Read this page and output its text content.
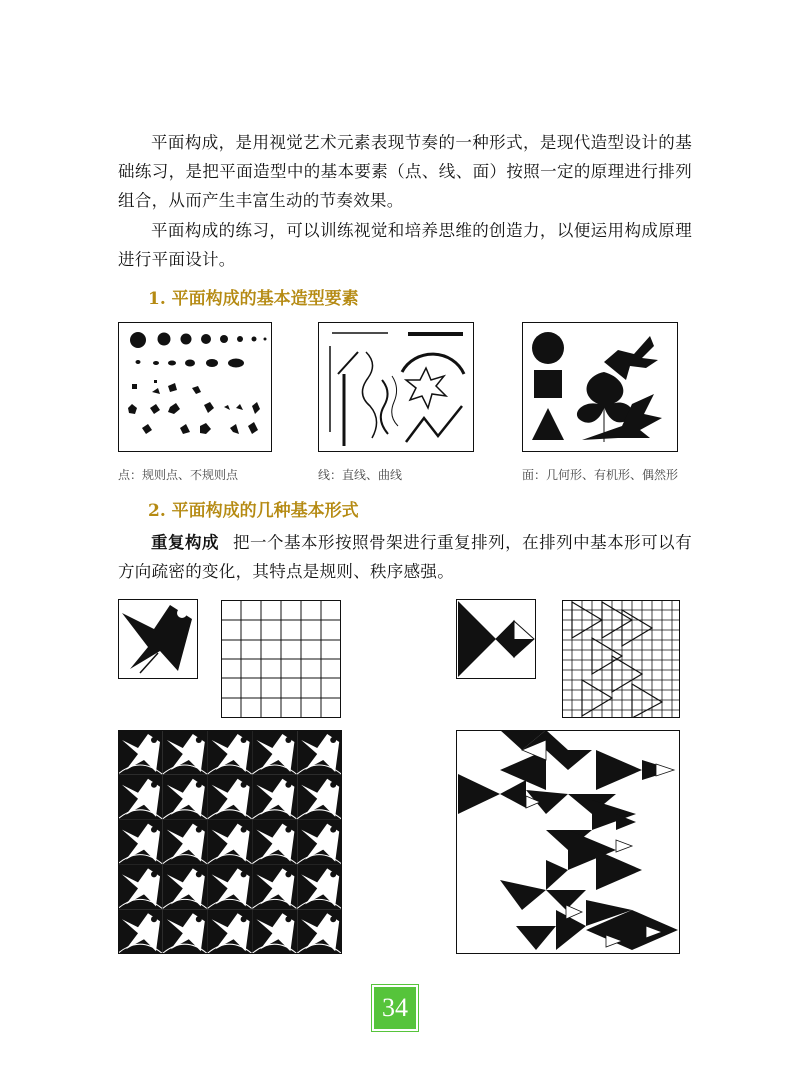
平面构成，是用视觉艺术元素表现节奏的一种形式，是现代造型设计的基础练习，是把平面造型中的基本要素（点、线、面）按照一定的原理进行排列组合，从而产生丰富生动的节奏效果。

平面构成的练习，可以训练视觉和培养思维的创造力，以便运用构成原理进行平面设计。

1. 平面构成的基本造型要素
点：规则点、不规则点	线：直线、曲线	面：几何形、有机形、偶然形
2. 平面构成的几种基本形式

重复构成 把一个基本形按照骨架进行重复排列，在排列中基本形可以有方向疏密的变化，其特点是规则、秩序感强。

34
